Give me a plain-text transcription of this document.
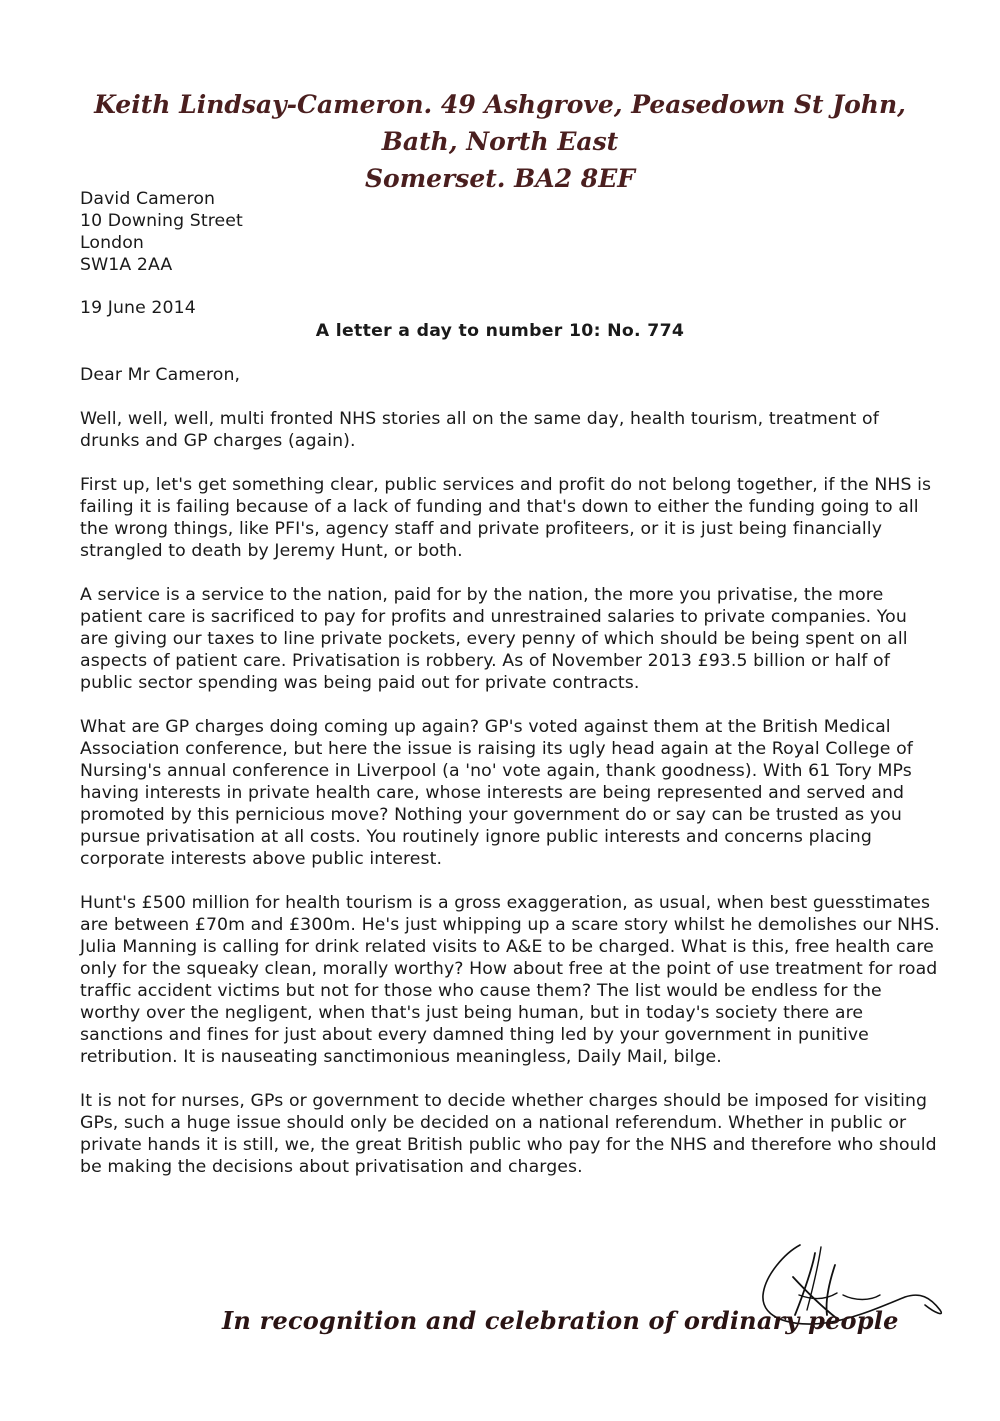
Keith Lindsay-Cameron. 49 Ashgrove, Peasedown St John, Bath, North East
Somerset. BA2 8EF
David Cameron
10 Downing Street
London
SW1A 2AA
19 June 2014
A letter a day to number 10: No. 774
Dear Mr Cameron,

Well, well, well, multi fronted NHS stories all on the same day, health tourism, treatment of drunks and GP charges (again).

First up, let's get something clear, public services and profit do not belong together, if the NHS is failing it is failing because of a lack of funding and that's down to either the funding going to all the wrong things, like PFI's, agency staff and private profiteers, or it is just being financially strangled to death by Jeremy Hunt, or both.

A service is a service to the nation, paid for by the nation, the more you privatise, the more patient care is sacrificed to pay for profits and unrestrained salaries to private companies. You are giving our taxes to line private pockets, every penny of which should be being spent on all aspects of patient care. Privatisation is robbery. As of November 2013 £93.5 billion or half of public sector spending was being paid out for private contracts.

What are GP charges doing coming up again? GP's voted against them at the British Medical Association conference, but here the issue is raising its ugly head again at the Royal College of Nursing's annual conference in Liverpool (a 'no' vote again, thank goodness). With 61 Tory MPs having interests in private health care, whose interests are being represented and served and promoted by this pernicious move? Nothing your government do or say can be trusted as you pursue privatisation at all costs. You routinely ignore public interests and concerns placing corporate interests above public interest.

Hunt's £500 million for health tourism is a gross exaggeration, as usual, when best guesstimates are between £70m and £300m. He's just whipping up a scare story whilst he demolishes our NHS. Julia Manning is calling for drink related visits to A&E to be charged. What is this, free health care only for the squeaky clean, morally worthy? How about free at the point of use treatment for road traffic accident victims but not for those who cause them? The list would be endless for the worthy over the negligent, when that's just being human, but in today's society there are sanctions and fines for just about every damned thing led by your government in punitive retribution. It is nauseating sanctimonious meaningless, Daily Mail, bilge.

It is not for nurses, GPs or government to decide whether charges should be imposed for visiting GPs, such a huge issue should only be decided on a national referendum. Whether in public or private hands it is still, we, the great British public who pay for the NHS and therefore who should be making the decisions about privatisation and charges.

In recognition and celebration of ordinary people
